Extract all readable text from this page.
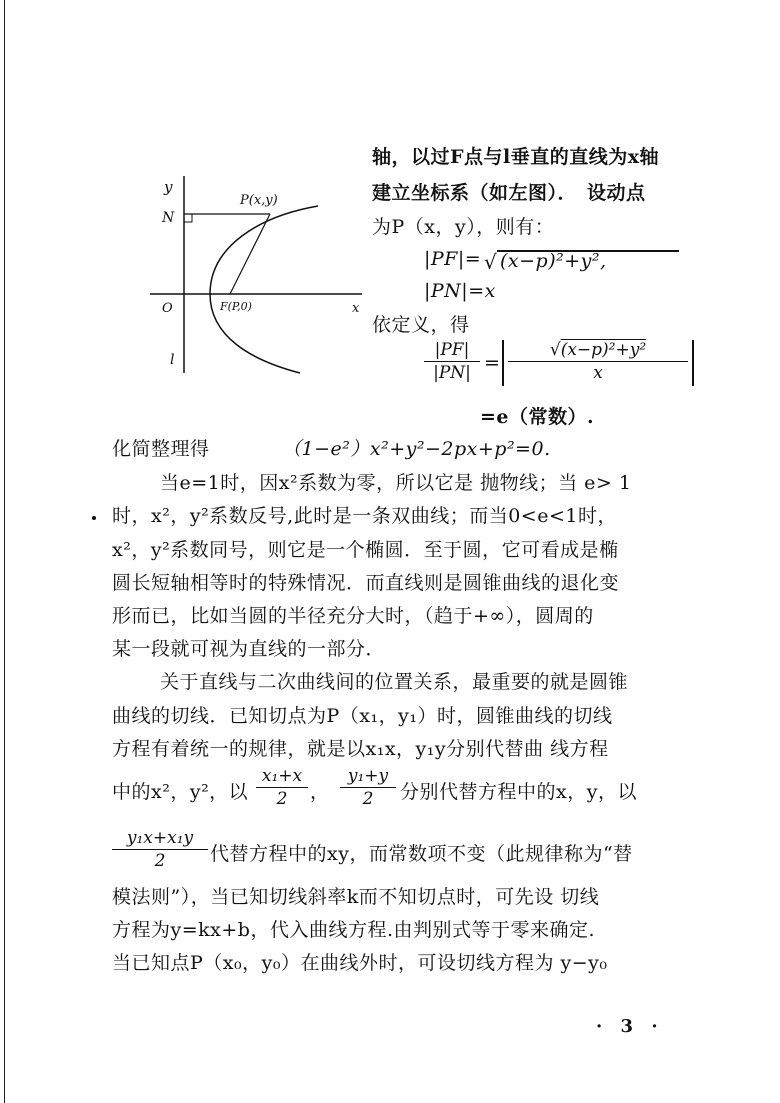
y
P(x,y)
N
O	F(P,0)	x
l
轴，以过F点与l垂直的直线为x轴
建立坐标系（如左图）．　设动点
为P（x，y），则有：
|PF|= √ (x−p)²+y²,
|PN|=x
依定义，得
|PF|
|PN| =
√(x−p)²+y²
x
=e（常数）.
化简整理得	（1−e²）x²+y²−2px+p²=0.
当e=1时，因x²系数为零，所以它是 抛物线；当 e> 1
时，x²，y²系数反号,此时是一条双曲线；而当0<e<1时，
x²，y²系数同号，则它是一个椭圆．至于圆，它可看成是椭
圆长短轴相等时的特殊情况．而直线则是圆锥曲线的退化变
形而已，比如当圆的半径充分大时，（趋于+∞），圆周的
某一段就可视为直线的一部分．
关于直线与二次曲线间的位置关系，最重要的就是圆锥
曲线的切线．已知切点为P（x₁，y₁）时，圆锥曲线的切线
方程有着统一的规律，就是以x₁x，y₁y分别代替曲 线方程
中的x²，y²，以
x₁+x
2	，
y₁+y
2	分别代替方程中的x，y，以
y₁x+x₁y
2	代替方程中的xy，而常数项不变（此规律称为“替
模法则”），当已知切线斜率k而不知切点时，可先设 切线
方程为y=kx+b，代入曲线方程.由判别式等于零来确定.
当已知点P（x₀，y₀）在曲线外时，可设切线方程为 y−y₀
· 3 ·
